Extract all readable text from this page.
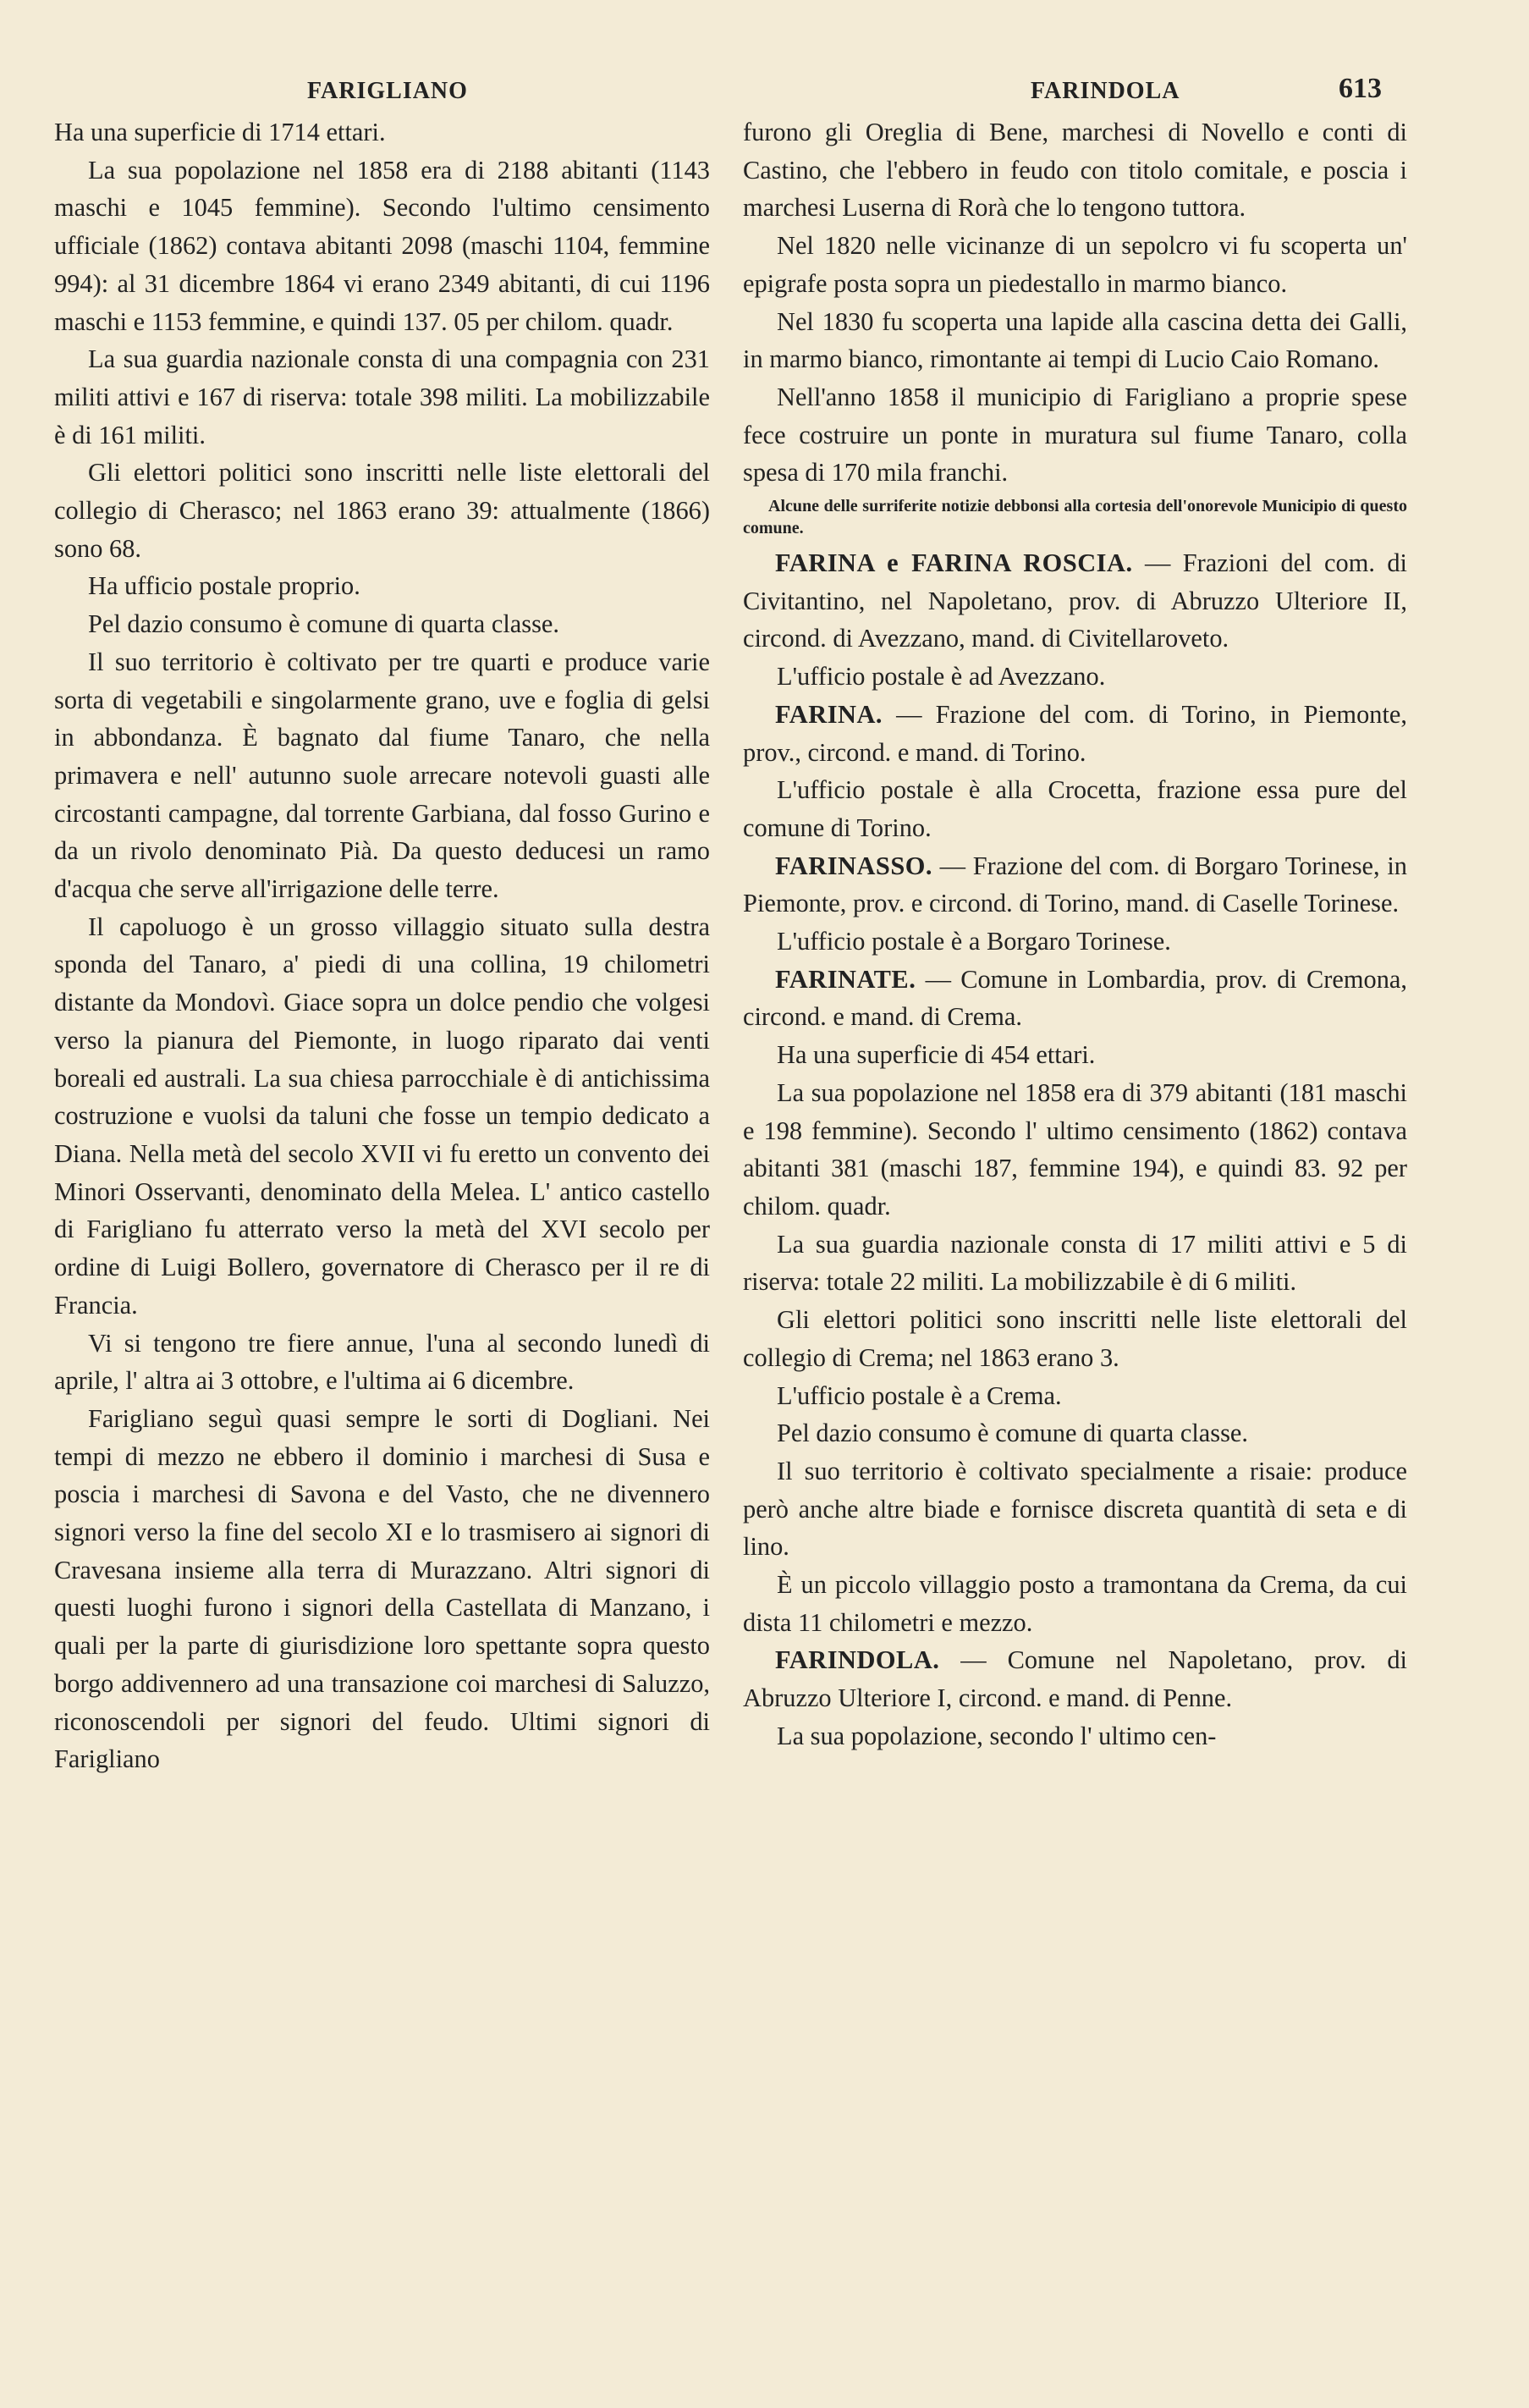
FARIGLIANO	FARINDOLA	613

Ha una superficie di 1714 ettari.

La sua popolazione nel 1858 era di 2188 abitanti (1143 maschi e 1045 femmine). Secondo l'ultimo censimento ufficiale (1862) contava abitanti 2098 (maschi 1104, femmine 994): al 31 dicembre 1864 vi erano 2349 abitanti, di cui 1196 maschi e 1153 femmine, e quindi 137. 05 per chilom. quadr.

La sua guardia nazionale consta di una compagnia con 231 militi attivi e 167 di riserva: totale 398 militi. La mobilizzabile è di 161 militi.

Gli elettori politici sono inscritti nelle liste elettorali del collegio di Cherasco; nel 1863 erano 39: attualmente (1866) sono 68.

Ha ufficio postale proprio.

Pel dazio consumo è comune di quarta classe.

Il suo territorio è coltivato per tre quarti e produce varie sorta di vegetabili e singolarmente grano, uve e foglia di gelsi in abbondanza. È bagnato dal fiume Tanaro, che nella primavera e nell' autunno suole arrecare notevoli guasti alle circostanti campagne, dal torrente Garbiana, dal fosso Gurino e da un rivolo denominato Pià. Da questo deducesi un ramo d'acqua che serve all'irrigazione delle terre.

Il capoluogo è un grosso villaggio situato sulla destra sponda del Tanaro, a' piedi di una collina, 19 chilometri distante da Mondovì. Giace sopra un dolce pendio che volgesi verso la pianura del Piemonte, in luogo riparato dai venti boreali ed australi. La sua chiesa parrocchiale è di antichissima costruzione e vuolsi da taluni che fosse un tempio dedicato a Diana. Nella metà del secolo XVII vi fu eretto un convento dei Minori Osservanti, denominato della Melea. L' antico castello di Farigliano fu atterrato verso la metà del XVI secolo per ordine di Luigi Bollero, governatore di Cherasco per il re di Francia.

Vi si tengono tre fiere annue, l'una al secondo lunedì di aprile, l' altra ai 3 ottobre, e l'ultima ai 6 dicembre.

Farigliano seguì quasi sempre le sorti di Dogliani. Nei tempi di mezzo ne ebbero il dominio i marchesi di Susa e poscia i marchesi di Savona e del Vasto, che ne divennero signori verso la fine del secolo XI e lo trasmisero ai signori di Cravesana insieme alla terra di Murazzano. Altri signori di questi luoghi furono i signori della Castellata di Manzano, i quali per la parte di giurisdizione loro spettante sopra questo borgo addivennero ad una transazione coi marchesi di Saluzzo, riconoscendoli per signori del feudo. Ultimi signori di Farigliano

furono gli Oreglia di Bene, marchesi di Novello e conti di Castino, che l'ebbero in feudo con titolo comitale, e poscia i marchesi Luserna di Rorà che lo tengono tuttora.

Nel 1820 nelle vicinanze di un sepolcro vi fu scoperta un' epigrafe posta sopra un piedestallo in marmo bianco.

Nel 1830 fu scoperta una lapide alla cascina detta dei Galli, in marmo bianco, rimontante ai tempi di Lucio Caio Romano.

Nell'anno 1858 il municipio di Farigliano a proprie spese fece costruire un ponte in muratura sul fiume Tanaro, colla spesa di 170 mila franchi.

Alcune delle surriferite notizie debbonsi alla cortesia dell'onorevole Municipio di questo comune.

FARINA e FARINA ROSCIA. — Frazioni del com. di Civitantino, nel Napoletano, prov. di Abruzzo Ulteriore II, circond. di Avezzano, mand. di Civitellaroveto.

L'ufficio postale è ad Avezzano.

FARINA. — Frazione del com. di Torino, in Piemonte, prov., circond. e mand. di Torino.

L'ufficio postale è alla Crocetta, frazione essa pure del comune di Torino.

FARINASSO. — Frazione del com. di Borgaro Torinese, in Piemonte, prov. e circond. di Torino, mand. di Caselle Torinese.

L'ufficio postale è a Borgaro Torinese.

FARINATE. — Comune in Lombardia, prov. di Cremona, circond. e mand. di Crema.

Ha una superficie di 454 ettari.

La sua popolazione nel 1858 era di 379 abitanti (181 maschi e 198 femmine). Secondo l' ultimo censimento (1862) contava abitanti 381 (maschi 187, femmine 194), e quindi 83. 92 per chilom. quadr.

La sua guardia nazionale consta di 17 militi attivi e 5 di riserva: totale 22 militi. La mobilizzabile è di 6 militi.

Gli elettori politici sono inscritti nelle liste elettorali del collegio di Crema; nel 1863 erano 3.

L'ufficio postale è a Crema.

Pel dazio consumo è comune di quarta classe.

Il suo territorio è coltivato specialmente a risaie: produce però anche altre biade e fornisce discreta quantità di seta e di lino.

È un piccolo villaggio posto a tramontana da Crema, da cui dista 11 chilometri e mezzo.

FARINDOLA. — Comune nel Napoletano, prov. di Abruzzo Ulteriore I, circond. e mand. di Penne.

La sua popolazione, secondo l' ultimo cen-
